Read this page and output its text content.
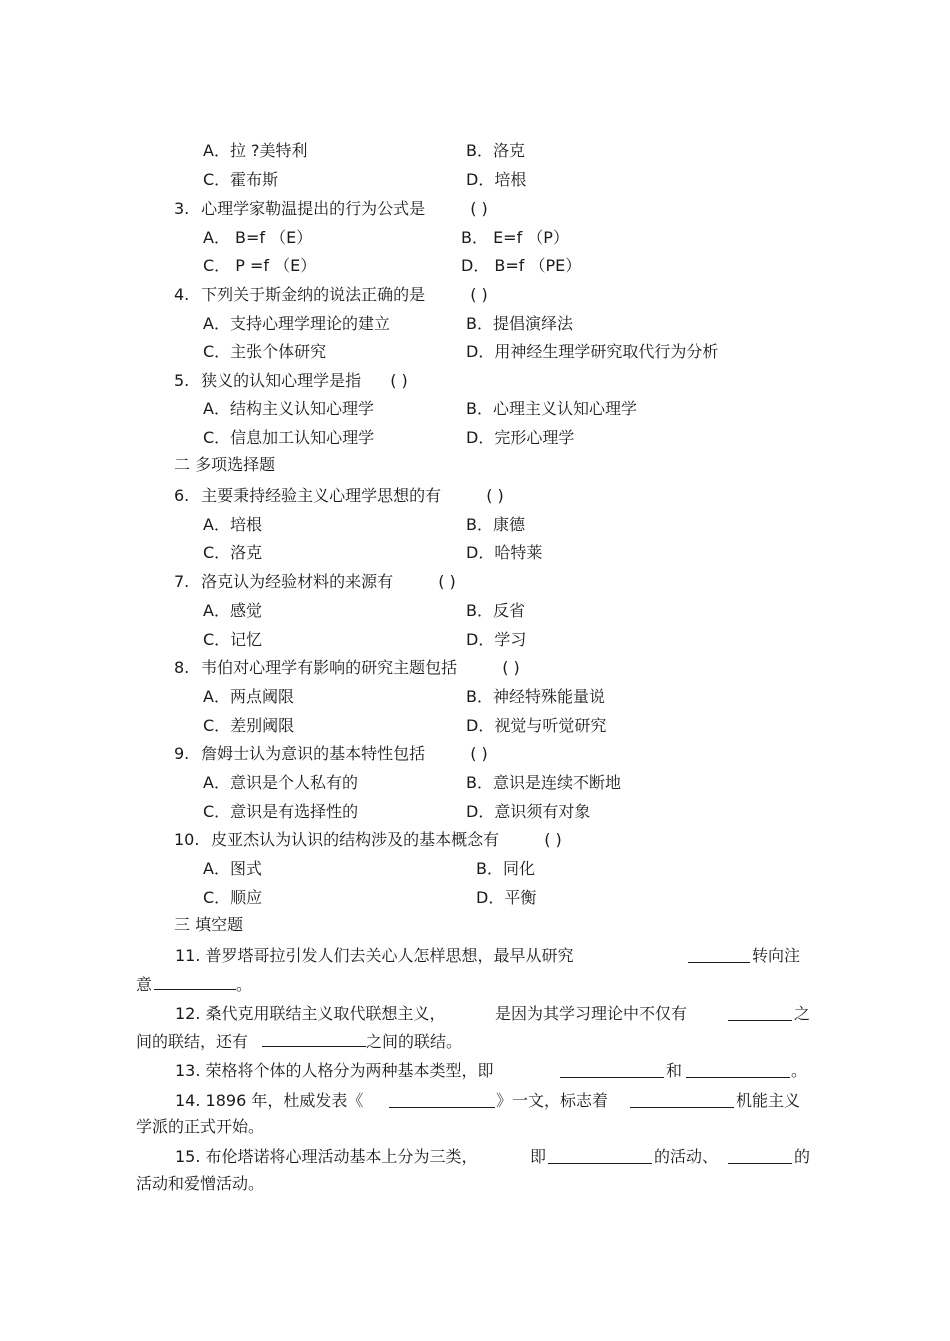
A．拉 ?美特利	B．洛克
C．霍布斯	D．培根
3. 心理学家勒温提出的行为公式是	( )
A． B=f （E）	B． E=f （P）
C． P =f （E）	D． B=f （PE）
4. 下列关于斯金纳的说法正确的是	( )
A．支持心理学理论的建立	B．提倡演绎法
C．主张个体研究	D．用神经生理学研究取代行为分析
5. 狭义的认知心理学是指 ( )
A．结构主义认知心理学	B．心理主义认知心理学
C．信息加工认知心理学	D．完形心理学
二 多项选择题
6. 主要秉持经验主义心理学思想的有	( )
A．培根	B．康德
C．洛克	D．哈特莱
7. 洛克认为经验材料的来源有	( )
A．感觉	B．反省
C．记忆	D．学习
8. 韦伯对心理学有影响的研究主题包括	( )
A．两点阈限	B．神经特殊能量说
C．差别阈限	D．视觉与听觉研究
9. 詹姆士认为意识的基本特性包括	( )
A．意识是个人私有的	B．意识是连续不断地
C．意识是有选择性的	D．意识须有对象
10. 皮亚杰认为认识的结构涉及的基本概念有	( )
A．图式	B．同化
C．顺应	D．平衡
三 填空题
11. 普罗塔哥拉引发人们去关心人怎样思想，最早从研究	转向注
意	。
12. 桑代克用联结主义取代联想主义，	是因为其学习理论中不仅有	之
间的联结，还有	之间的联结。
13. 荣格将个体的人格分为两种基本类型，即	和	。
14. 1896 年，杜威发表《	》一文，标志着	机能主义
学派的正式开始。
15. 布伦塔诺将心理活动基本上分为三类，	即	的活动、	的
活动和爱憎活动。
